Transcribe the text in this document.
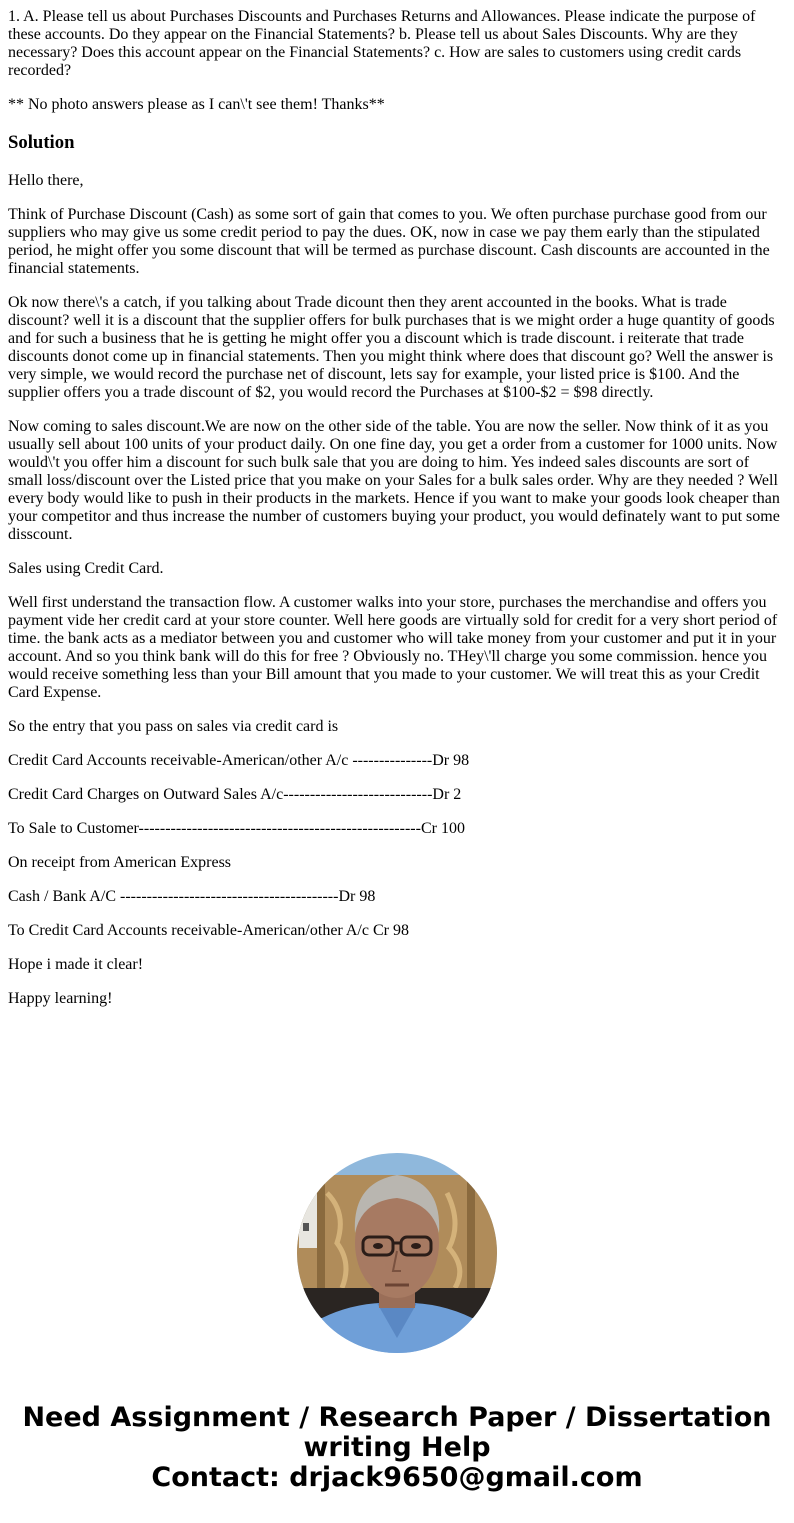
1. A. Please tell us about Purchases Discounts and Purchases Returns and Allowances. Please indicate the purpose of these accounts. Do they appear on the Financial Statements? b. Please tell us about Sales Discounts. Why are they necessary? Does this account appear on the Financial Statements? c. How are sales to customers using credit cards recorded?

** No photo answers please as I can\'t see them! Thanks**

Solution

Hello there,

Think of Purchase Discount (Cash) as some sort of gain that comes to you. We often purchase purchase good from our suppliers who may give us some credit period to pay the dues. OK, now in case we pay them early than the stipulated period, he might offer you some discount that will be termed as purchase discount. Cash discounts are accounted in the financial statements.

Ok now there\'s a catch, if you talking about Trade dicount then they arent accounted in the books. What is trade discount? well it is a discount that the supplier offers for bulk purchases that is we might order a huge quantity of goods and for such a business that he is getting he might offer you a discount which is trade discount. i reiterate that trade discounts donot come up in financial statements. Then you might think where does that discount go? Well the answer is very simple, we would record the purchase net of discount, lets say for example, your listed price is $100. And the supplier offers you a trade discount of $2, you would record the Purchases at $100-$2 = $98 directly.

Now coming to sales discount.We are now on the other side of the table. You are now the seller. Now think of it as you usually sell about 100 units of your product daily. On one fine day, you get a order from a customer for 1000 units. Now would\'t you offer him a discount for such bulk sale that you are doing to him. Yes indeed sales discounts are sort of small loss/discount over the Listed price that you make on your Sales for a bulk sales order. Why are they needed ? Well every body would like to push in their products in the markets. Hence if you want to make your goods look cheaper than your competitor and thus increase the number of customers buying your product, you would definately want to put some disscount.

Sales using Credit Card.

Well first understand the transaction flow. A customer walks into your store, purchases the merchandise and offers you payment vide her credit card at your store counter. Well here goods are virtually sold for credit for a very short period of time. the bank acts as a mediator between you and customer who will take money from your customer and put it in your account. And so you think bank will do this for free ? Obviously no. THey\'ll charge you some commission. hence you would receive something less than your Bill amount that you made to your customer. We will treat this as your Credit Card Expense.

So the entry that you pass on sales via credit card is

Credit Card Accounts receivable-American/other A/c ---------------Dr 98

Credit Card Charges on Outward Sales A/c----------------------------Dr 2

To Sale to Customer-----------------------------------------------------Cr 100

On receipt from American Express

Cash / Bank A/C -----------------------------------------Dr 98

To Credit Card Accounts receivable-American/other A/c Cr 98

Hope i made it clear!

Happy learning!

Need Assignment / Research Paper / Dissertation
writing Help
Contact: drjack9650@gmail.com
